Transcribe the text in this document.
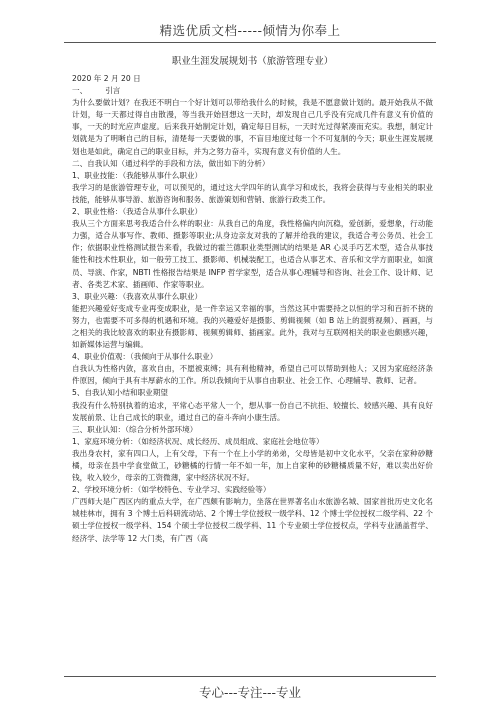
精选优质文档-----倾情为你奉上
职业生涯发展规划书（旅游管理专业）
2020 年 2 月 20 日
一、 引言
为什么要做计划？在我还不明白一个好计划可以带给我什么的时候，我是不愿意做计划的。最开始我从不做计划，每一天都过得自由散漫，等当我开始回想这一天时，却发现自己几乎没有完成几件有意义有价值的事，一天的时光应声虚度。后来我开始制定计划，确定每日目标，一天时光过得紧凑而充实。我想，制定计划就是为了明晰自己的目标，清楚每一天要做的事，不盲目地度过每一个不可复制的今天；职业生涯发展规划也是如此，确定自己的职业目标，并为之努力奋斗，实现有意义有价值的人生。
二、自我认知（通过科学的手段和方法，做出如下的分析）
1、职业技能：（我能够从事什么职业）
我学习的是旅游管理专业，可以预见的，通过这大学四年的认真学习和成长，我将会获得与专业相关的职业技能，能够从事导游、旅游咨询和服务、旅游策划和营销、旅游行政类工作。
2、职业性格：（我适合从事什么职业）
我从三个方面来思考我适合什么样的职业：从我自己的角度，我性格偏内向沉稳，爱创新，爱想象，行动能力强，适合从事写作、教师、摄影等职业;从身边亲友对我的了解并给我的建议，我适合考公务员、社会工作；依据职业性格测试报告来看，我做过的霍兰德职业类型测试的结果是 AR 心灵手巧艺术型，适合从事技能性和技术性职业，如一般劳工技工、摄影师、机械装配工，也适合从事艺术、音乐和文学方面职业，如演员、导演、作家，NBTI 性格报告结果是 INFP 哲学家型，适合从事心理辅导和咨询、社会工作、设计师、记者、各类艺术家、插画师、作家等职业。
3、职业兴趣：（我喜欢从事什么职业）
能把兴趣爱好变成专业再变成职业，是一件幸运又幸福的事，当然这其中需要持之以恒的学习和百折不挠的努力，也需要不可多得的机遇和环境。我的兴趣爱好是摄影、剪辑视频（如 B 站上的混剪视频）、画画，与之相关的我比较喜欢的职业有摄影师、视频剪辑师、插画家。此外，我对与互联网相关的职业也颇感兴趣，如新媒体运营与编辑。
4、职业价值观：（我倾向于从事什么职业）
自我认为性格内敛，喜欢自由，不愿被束缚；具有利他精神，希望自己可以帮助到他人；又因为家庭经济条件原因，倾向于具有丰厚薪水的工作。所以我倾向于从事自由职业、社会工作、心理辅导、教师、记者。
5、自我认知小结和职业期望
我没有什么特别执着的追求，平常心态平常人一个，想从事一份自己不抗拒、较擅长、较感兴趣、具有良好发展前景、让自己成长的职业，通过自己的奋斗奔向小康生活。
三、职业认知：（综合分析外部环境）
1、家庭环境分析：（如经济状况、成长经历、成员组成、家庭社会地位等）
我出身农村，家有四口人，上有父母，下有一个在上小学的弟弟，父母皆是初中文化水平，父亲在家种砂糖橘，母亲在县中学食堂做工，砂糖橘的行情一年不如一年，加上自家种的砂糖橘质量不好，难以卖出好价钱，收入较少，母亲的工资微薄，家中经济状况不好。
2、学校环境分析：（如学校特色、专业学习、实践经验等）
广西师大是广西区内的重点大学，在广西颇有影响力，坐落在世界著名山水旅游名城、国家首批历史文化名城桂林市，拥有 3 个博士后科研流动站、2 个博士学位授权一级学科、12 个博士学位授权二级学科、22 个硕士学位授权一级学科、154 个硕士学位授权二级学科、11 个专业硕士学位授权点，学科专业涵盖哲学、经济学、法学等 12 大门类，有广西（高
专心---专注---专业
